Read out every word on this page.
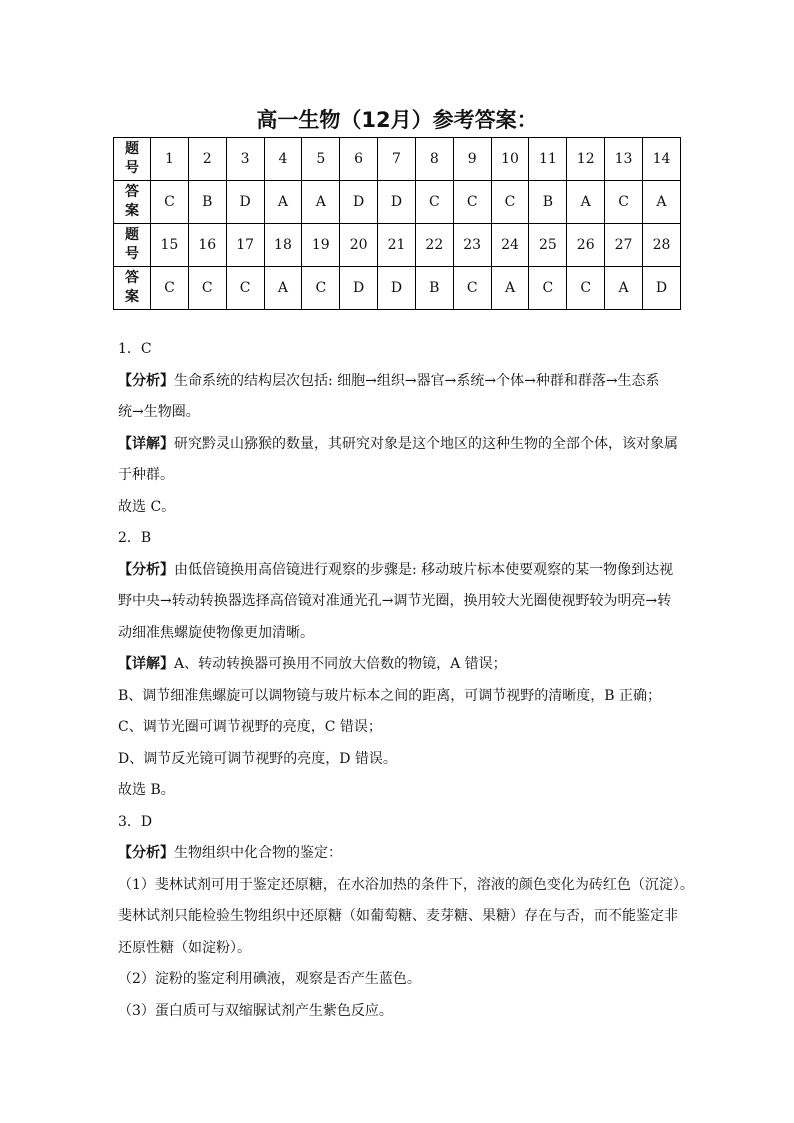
高一生物（12月）参考答案：
题
号	1	2	3	4	5	6	7	8	9	10	11	12	13	14

答
案	C	B	D	A	A	D	D	C	C	C	B	A	C	A

题
号	15	16	17	18	19	20	21	22	23	24	25	26	27	28

答
案	C	C	C	A	C	D	D	B	C	A	C	C	A	D

1．C

【分析】生命系统的结构层次包括: 细胞→组织→器官→系统→个体→种群和群落→生态系

统→生物圈。

【详解】研究黔灵山猕猴的数量，其研究对象是这个地区的这种生物的全部个体，该对象属

于种群。

故选 C。

2．B

【分析】由低倍镜换用高倍镜进行观察的步骤是: 移动玻片标本使要观察的某一物像到达视

野中央→转动转换器选择高倍镜对准通光孔→调节光圈，换用较大光圈使视野较为明亮→转

动细准焦螺旋使物像更加清晰。

【详解】A、转动转换器可换用不同放大倍数的物镜，A 错误；

B、调节细准焦螺旋可以调物镜与玻片标本之间的距离，可调节视野的清晰度，B 正确；

C、调节光圈可调节视野的亮度，C 错误；

D、调节反光镜可调节视野的亮度，D 错误。

故选 B。

3．D

【分析】生物组织中化合物的鉴定：

（1）斐林试剂可用于鉴定还原糖，在水浴加热的条件下，溶液的颜色变化为砖红色（沉淀）。

斐林试剂只能检验生物组织中还原糖（如葡萄糖、麦芽糖、果糖）存在与否，而不能鉴定非

还原性糖（如淀粉）。

（2）淀粉的鉴定利用碘液，观察是否产生蓝色。

（3）蛋白质可与双缩脲试剂产生紫色反应。
